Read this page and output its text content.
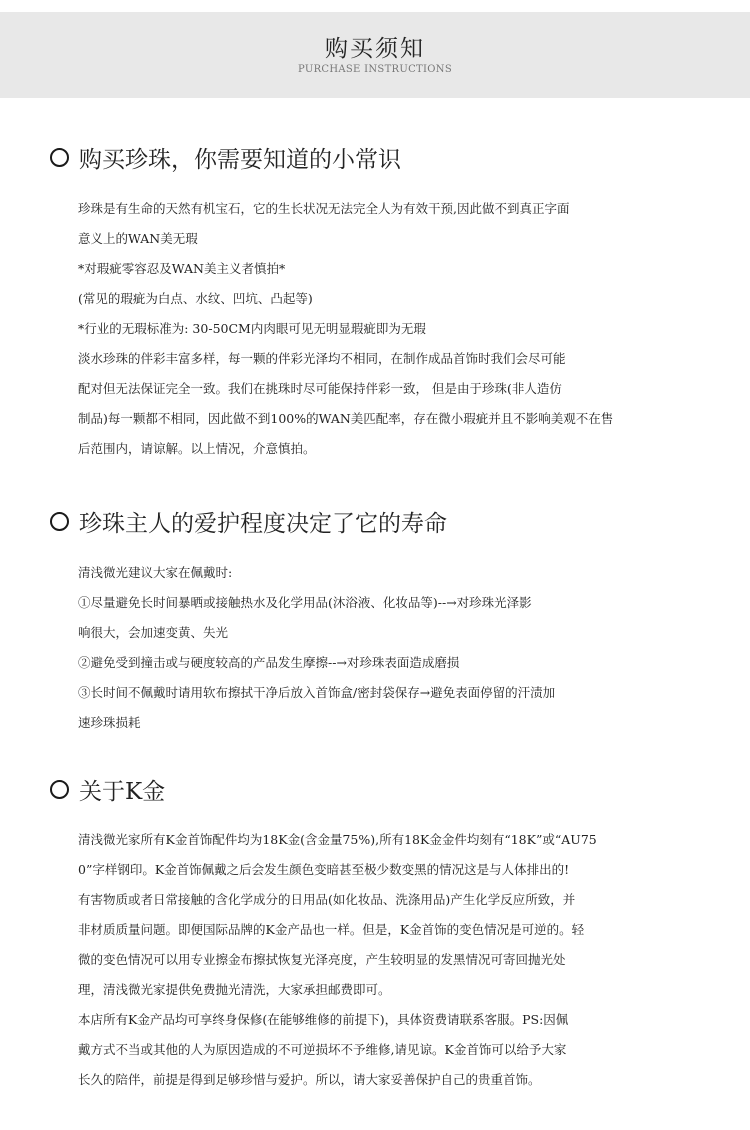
购买须知
PURCHASE INSTRUCTIONS
购买珍珠，你需要知道的小常识
珍珠是有生命的天然有机宝石，它的生长状况无法完全人为有效干预,因此做不到真正字面
意义上的WAN美无瑕
*对瑕疵零容忍及WAN美主义者慎拍*
(常见的瑕疵为白点、水纹、凹坑、凸起等)
*行业的无瑕标准为: 30-50CM内肉眼可见无明显瑕疵即为无瑕
淡水珍珠的伴彩丰富多样，每一颗的伴彩光泽均不相同，在制作成品首饰时我们会尽可能
配对但无法保证完全一致。我们在挑珠时尽可能保持伴彩一致， 但是由于珍珠(非人造仿
制品)每一颗都不相同，因此做不到100%的WAN美匹配率，存在微小瑕疵并且不影响美观不在售
后范围内，请谅解。以上情况，介意慎拍。
珍珠主人的爱护程度决定了它的寿命
清浅微光建议大家在佩戴时:
①尽量避免长时间暴晒或接触热水及化学用品(沐浴液、化妆品等)--→对珍珠光泽影
响很大，会加速变黄、失光
②避免受到撞击或与硬度较高的产品发生摩擦--→对珍珠表面造成磨损
③长时间不佩戴时请用软布擦拭干净后放入首饰盒/密封袋保存→避免表面停留的汗渍加
速珍珠损耗
关于K金
清浅微光家所有K金首饰配件均为18K金(含金量75%),所有18K金金件均刻有“18K”或“AU75
0”字样钢印。K金首饰佩戴之后会发生颜色变暗甚至极少数变黑的情况这是与人体排出的!
有害物质或者日常接触的含化学成分的日用品(如化妆品、洗涤用品)产生化学反应所致，并
非材质质量问题。即便国际品牌的K金产品也一样。但是，K金首饰的变色情况是可逆的。轻
微的变色情况可以用专业擦金布擦拭恢复光泽亮度，产生较明显的发黑情况可寄回抛光处
理，清浅微光家提供免费抛光清洗，大家承担邮费即可。
本店所有K金产品均可享终身保修(在能够维修的前提下)，具体资费请联系客服。PS:因佩
戴方式不当或其他的人为原因造成的不可逆损坏不予维修,请见谅。K金首饰可以给予大家
长久的陪伴，前提是得到足够珍惜与爱护。所以，请大家妥善保护自己的贵重首饰。
